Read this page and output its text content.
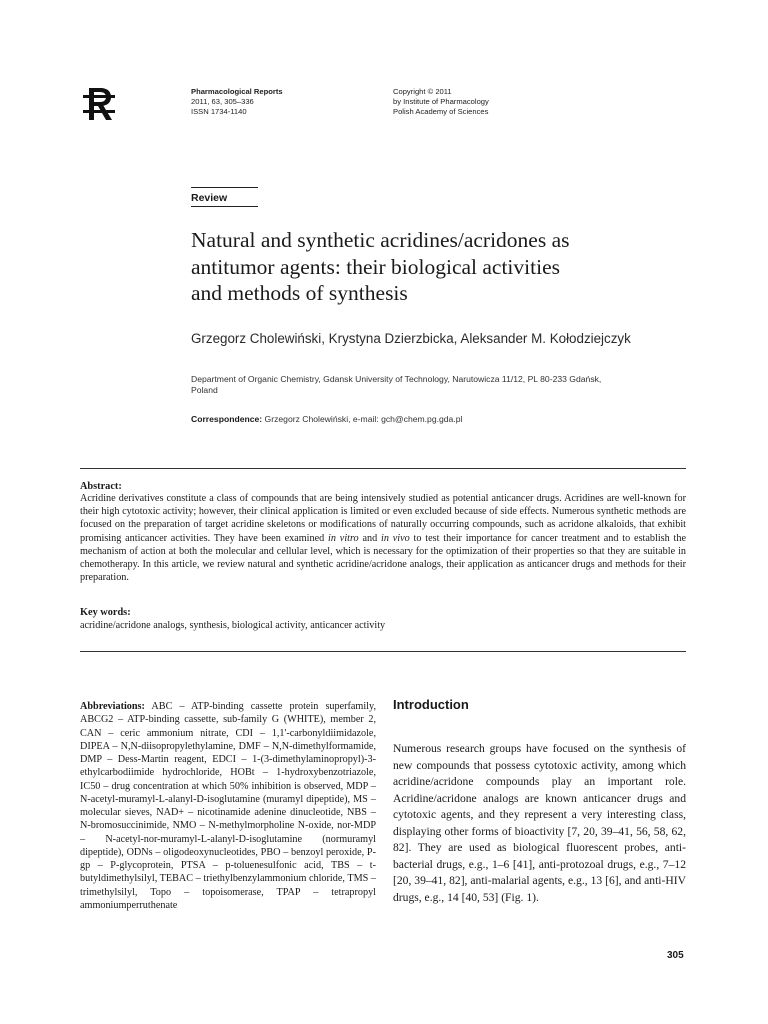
Pharmacological Reports
2011, 63, 305–336
ISSN 1734-1140
Copyright © 2011
by Institute of Pharmacology
Polish Academy of Sciences
Review
Natural and synthetic acridines/acridones as
antitumor agents: their biological activities
and methods of synthesis
Grzegorz Cholewiński, Krystyna Dzierzbicka, Aleksander M. Kołodziejczyk
Department of Organic Chemistry, Gdansk University of Technology, Narutowicza 11/12, PL 80-233 Gdańsk,
Poland
Correspondence: Grzegorz Cholewiński, e-mail: gch@chem.pg.gda.pl
Abstract:
Acridine derivatives constitute a class of compounds that are being intensively studied as potential anticancer drugs. Acridines are well-known for their high cytotoxic activity; however, their clinical application is limited or even excluded because of side effects. Numerous synthetic methods are focused on the preparation of target acridine skeletons or modifications of naturally occurring compounds, such as acridone alkaloids, that exhibit promising anticancer activities. They have been examined in vitro and in vivo to test their importance for cancer treatment and to establish the mechanism of action at both the molecular and cellular level, which is necessary for the optimization of their properties so that they are suitable in chemotherapy. In this article, we review natural and synthetic acridine/acridone analogs, their application as anticancer drugs and methods for their preparation.
Key words:
acridine/acridone analogs, synthesis, biological activity, anticancer activity
Abbreviations: ABC – ATP-binding cassette protein superfamily, ABCG2 – ATP-binding cassette, sub-family G (WHITE), member 2, CAN – ceric ammonium nitrate, CDI – 1,1'-carbonyldiimidazole, DIPEA – N,N-diisopropylethylamine, DMF – N,N-dimethylformamide, DMP – Dess-Martin reagent, EDCI – 1-(3-dimethylaminopropyl)-3-ethylcarbodiimide hydrochloride, HOBt – 1-hydroxybenzotriazole, IC50 – drug concentration at which 50% inhibition is observed, MDP – N-acetyl-muramyl-L-alanyl-D-isoglutamine (muramyl dipeptide), MS – molecular sieves, NAD+ – nicotinamide adenine dinucleotide, NBS – N-bromosuccinimide, NMO – N-methylmorpholine N-oxide, nor-MDP – N-acetyl-nor-muramyl-L-alanyl-D-isoglutamine (normuramyl dipeptide), ODNs – oligodeoxynucleotides, PBO – benzoyl peroxide, P-gp – P-glycoprotein, PTSA – p-toluenesulfonic acid, TBS – t-butyldimethylsilyl, TEBAC – triethylbenzylammonium chloride, TMS – trimethylsilyl, Topo – topoisomerase, TPAP – tetrapropyl ammoniumperruthenate
Introduction
Numerous research groups have focused on the synthesis of new compounds that possess cytotoxic activity, among which acridine/acridone compounds play an important role. Acridine/acridone analogs are known anticancer drugs and cytotoxic agents, and they represent a very interesting class, displaying other forms of bioactivity [7, 20, 39–41, 56, 58, 62, 82]. They are used as biological fluorescent probes, anti-bacterial drugs, e.g., 1–6 [41], anti-protozoal drugs, e.g., 7–12 [20, 39–41, 82], anti-malarial agents, e.g., 13 [6], and anti-HIV drugs, e.g., 14 [40, 53] (Fig. 1).
305
